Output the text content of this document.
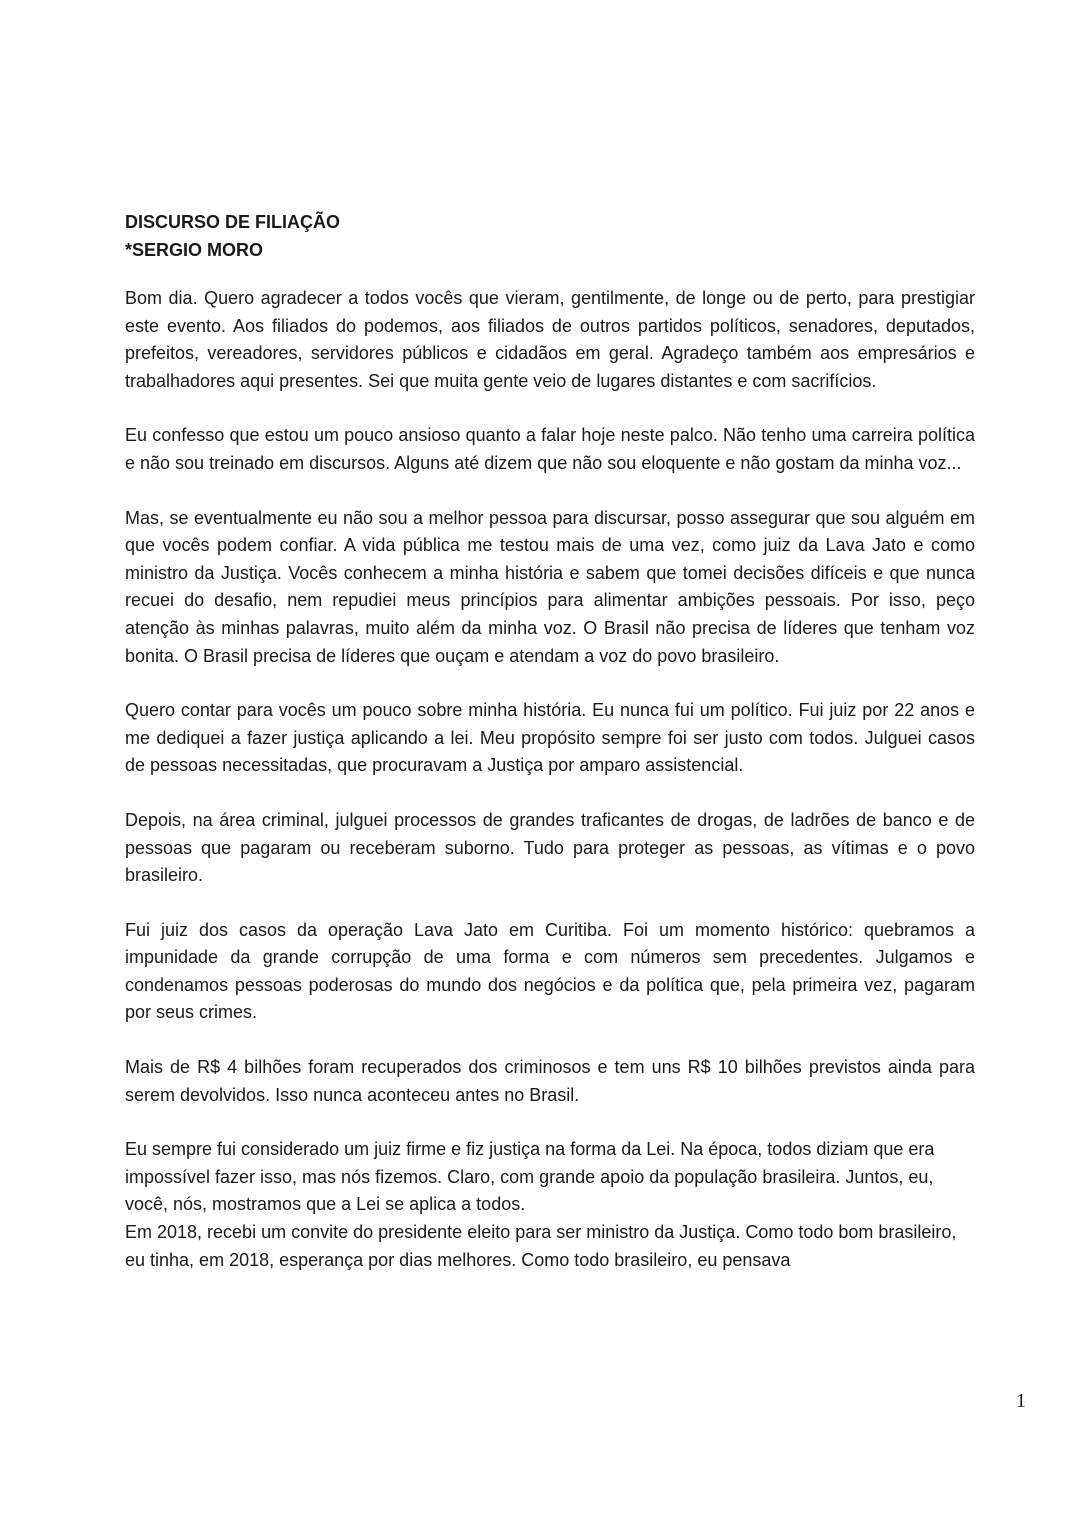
DISCURSO DE FILIAÇÃO
*SERGIO MORO

Bom dia. Quero agradecer a todos vocês que vieram, gentilmente, de longe ou de perto, para prestigiar este evento. Aos filiados do podemos, aos filiados de outros partidos políticos, senadores, deputados, prefeitos, vereadores, servidores públicos e cidadãos em geral. Agradeço também aos empresários e trabalhadores aqui presentes. Sei que muita gente veio de lugares distantes e com sacrifícios.

Eu confesso que estou um pouco ansioso quanto a falar hoje neste palco. Não tenho uma carreira política e não sou treinado em discursos. Alguns até dizem que não sou eloquente e não gostam da minha voz...

Mas, se eventualmente eu não sou a melhor pessoa para discursar, posso assegurar que sou alguém em que vocês podem confiar. A vida pública me testou mais de uma vez, como juiz da Lava Jato e como ministro da Justiça. Vocês conhecem a minha história e sabem que tomei decisões difíceis e que nunca recuei do desafio, nem repudiei meus princípios para alimentar ambições pessoais. Por isso, peço atenção às minhas palavras, muito além da minha voz. O Brasil não precisa de líderes que tenham voz bonita. O Brasil precisa de líderes que ouçam e atendam a voz do povo brasileiro.

Quero contar para vocês um pouco sobre minha história. Eu nunca fui um político. Fui juiz por 22 anos e me dediquei a fazer justiça aplicando a lei. Meu propósito sempre foi ser justo com todos. Julguei casos de pessoas necessitadas, que procuravam a Justiça por amparo assistencial.

Depois, na área criminal, julguei processos de grandes traficantes de drogas, de ladrões de banco e de pessoas que pagaram ou receberam suborno. Tudo para proteger as pessoas, as vítimas e o povo brasileiro.

Fui juiz dos casos da operação Lava Jato em Curitiba. Foi um momento histórico: quebramos a impunidade da grande corrupção de uma forma e com números sem precedentes. Julgamos e condenamos pessoas poderosas do mundo dos negócios e da política que, pela primeira vez, pagaram por seus crimes.

Mais de R$ 4 bilhões foram recuperados dos criminosos e tem uns R$ 10 bilhões previstos ainda para serem devolvidos. Isso nunca aconteceu antes no Brasil.

Eu sempre fui considerado um juiz firme e fiz justiça na forma da Lei. Na época, todos diziam que era impossível fazer isso, mas nós fizemos. Claro, com grande apoio da população brasileira. Juntos, eu, você, nós, mostramos que a Lei se aplica a todos.

Em 2018, recebi um convite do presidente eleito para ser ministro da Justiça. Como todo bom brasileiro, eu tinha, em 2018, esperança por dias melhores. Como todo brasileiro, eu pensava

1
